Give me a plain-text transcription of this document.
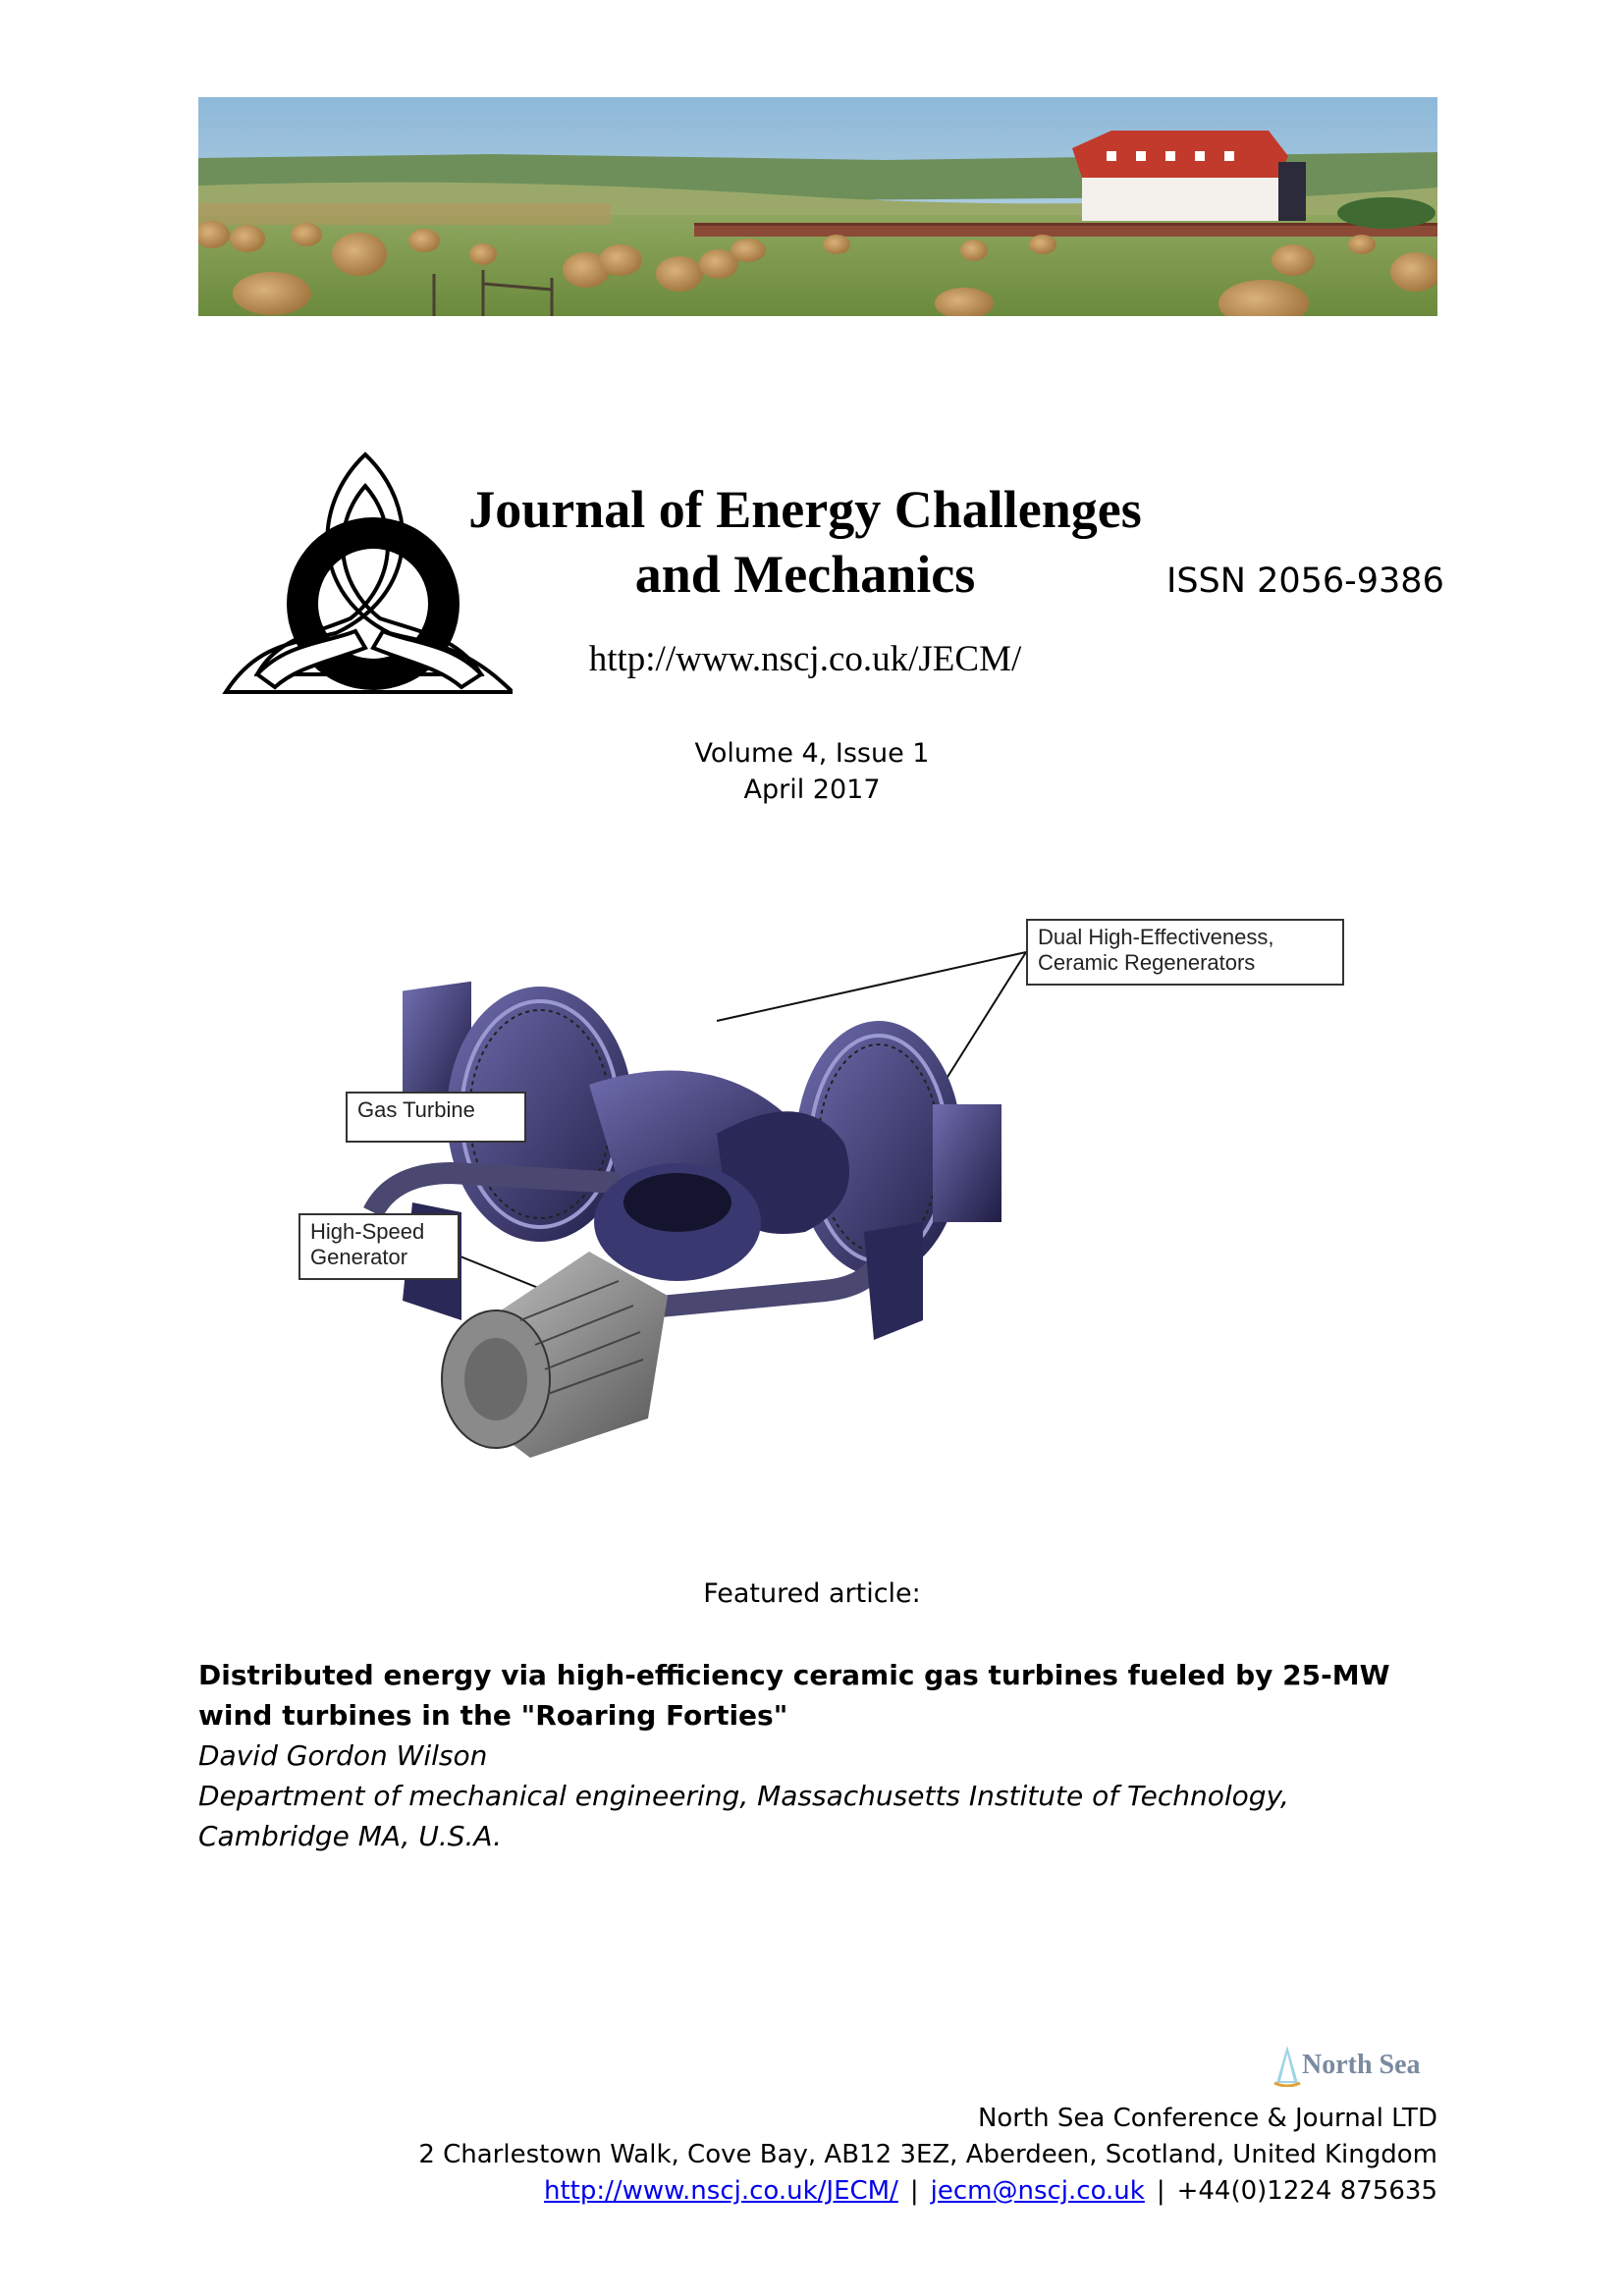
Journal of Energy Challenges
and Mechanics	ISSN 2056-9386
http://www.nscj.co.uk/JECM/
Volume 4, Issue 1
April 2017
Dual High-Effectiveness,
Ceramic Regenerators
Gas Turbine
High-Speed
Generator
Featured article:
Distributed energy via high-efficiency ceramic gas turbines fueled by 25-MW wind turbines in the "Roaring Forties"
David Gordon Wilson
Department of mechanical engineering, Massachusetts Institute of Technology, Cambridge MA, U.S.A.
North Sea
North Sea Conference & Journal LTD
2 Charlestown Walk, Cove Bay, AB12 3EZ, Aberdeen, Scotland, United Kingdom
http://www.nscj.co.uk/JECM/ | jecm@nscj.co.uk | +44(0)1224 875635
